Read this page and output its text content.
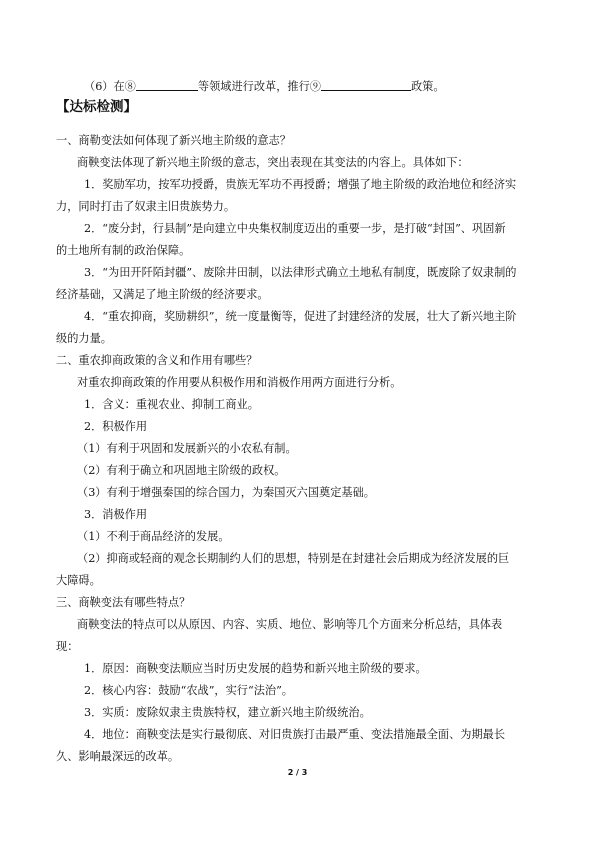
（6）在⑧	等领域进行改革，推行⑨	政策。
【达标检测】
一、商勒变法如何体现了新兴地主阶级的意志？
商鞅变法体现了新兴地主阶级的意志，突出表现在其变法的内容上。具体如下：
1．奖励军功，按军功授爵，贵族无军功不再授爵；增强了地主阶级的政治地位和经济实
力，同时打击了奴隶主旧贵族势力。
2．“废分封，行县制”是向建立中央集权制度迈出的重要一步，是打破“封国”、巩固新
的土地所有制的政治保障。
3．“为田开阡陌封疆”、废除井田制，以法律形式确立土地私有制度，既废除了奴隶制的
经济基础，又满足了地主阶级的经济要求。
4．“重农抑商，奖励耕织”，统一度量衡等，促进了封建经济的发展，壮大了新兴地主阶
级的力量。
二、重农抑商政策的含义和作用有哪些？
对重农抑商政策的作用要从积极作用和消极作用两方面进行分析。
1．含义：重视农业、抑制工商业。
2．积极作用
（1）有利于巩固和发展新兴的小农私有制。
（2）有利于确立和巩固地主阶级的政权。
（3）有利于增强秦国的综合国力，为秦国灭六国奠定基础。
3．消极作用
（1）不利于商品经济的发展。
（2）抑商或轻商的观念长期制约人们的思想，特别是在封建社会后期成为经济发展的巨
大障碍。
三、商鞅变法有哪些特点？
商鞅变法的特点可以从原因、内容、实质、地位、影响等几个方面来分析总结，具体表
现：
1．原因：商鞅变法顺应当时历史发展的趋势和新兴地主阶级的要求。
2．核心内容：鼓励“农战”，实行“法治”。
3．实质：废除奴隶主贵族特权，建立新兴地主阶级统治。
4．地位：商鞅变法是实行最彻底、对旧贵族打击最严重、变法措施最全面、为期最长
久、影响最深远的改革。
2 / 3
